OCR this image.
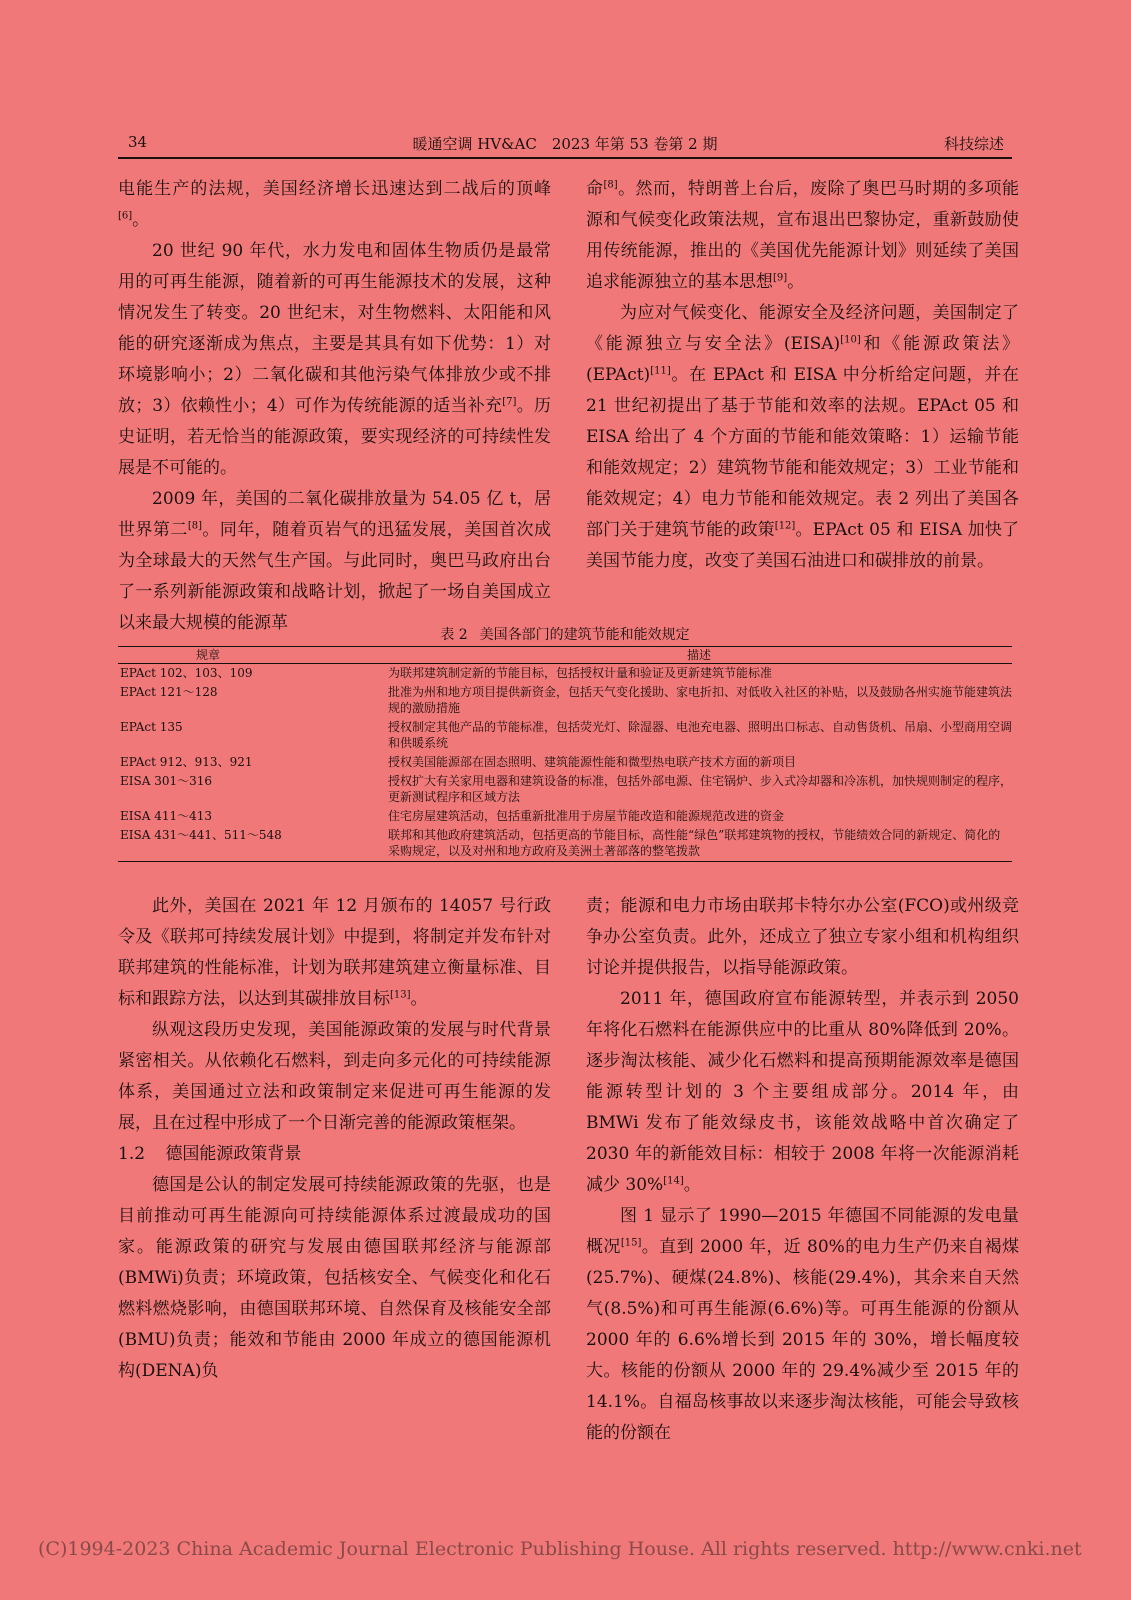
34	暖通空调 HV&AC　2023 年第 53 卷第 2 期	科技综述

电能生产的法规，美国经济增长迅速达到二战后的顶峰[6]。

20 世纪 90 年代，水力发电和固体生物质仍是最常用的可再生能源，随着新的可再生能源技术的发展，这种情况发生了转变。20 世纪末，对生物燃料、太阳能和风能的研究逐渐成为焦点，主要是其具有如下优势：1）对环境影响小；2）二氧化碳和其他污染气体排放少或不排放；3）依赖性小；4）可作为传统能源的适当补充[7]。历史证明，若无恰当的能源政策，要实现经济的可持续性发展是不可能的。

2009 年，美国的二氧化碳排放量为 54.05 亿 t，居世界第二[8]。同年，随着页岩气的迅猛发展，美国首次成为全球最大的天然气生产国。与此同时，奥巴马政府出台了一系列新能源政策和战略计划，掀起了一场自美国成立以来最大规模的能源革

命[8]。然而，特朗普上台后，废除了奥巴马时期的多项能源和气候变化政策法规，宣布退出巴黎协定，重新鼓励使用传统能源，推出的《美国优先能源计划》则延续了美国追求能源独立的基本思想[9]。

为应对气候变化、能源安全及经济问题，美国制定了《能源独立与安全法》(EISA)[10]和《能源政策法》(EPAct)[11]。在 EPAct 和 EISA 中分析给定问题，并在 21 世纪初提出了基于节能和效率的法规。EPAct 05 和 EISA 给出了 4 个方面的节能和能效策略：1）运输节能和能效规定；2）建筑物节能和能效规定；3）工业节能和能效规定；4）电力节能和能效规定。表 2 列出了美国各部门关于建筑节能的政策[12]。EPAct 05 和 EISA 加快了美国节能力度，改变了美国石油进口和碳排放的前景。

表 2 美国各部门的建筑节能和能效规定
规章	描述
EPAct 102、103、109	为联邦建筑制定新的节能目标，包括授权计量和验证及更新建筑节能标准
EPAct 121～128	批准为州和地方项目提供新资金，包括天气变化援助、家电折扣、对低收入社区的补贴，以及鼓励各州实施节能建筑法规的激励措施
EPAct 135	授权制定其他产品的节能标准，包括荧光灯、除湿器、电池充电器、照明出口标志、自动售货机、吊扇、小型商用空调和供暖系统
EPAct 912、913、921	授权美国能源部在固态照明、建筑能源性能和微型热电联产技术方面的新项目
EISA 301～316	授权扩大有关家用电器和建筑设备的标准，包括外部电源、住宅锅炉、步入式冷却器和冷冻机，加快规则制定的程序，更新测试程序和区域方法
EISA 411～413	住宅房屋建筑活动，包括重新批准用于房屋节能改造和能源规范改进的资金
EISA 431～441、511～548	联邦和其他政府建筑活动，包括更高的节能目标，高性能“绿色”联邦建筑物的授权，节能绩效合同的新规定、简化的采购规定，以及对州和地方政府及美洲土著部落的整笔拨款

此外，美国在 2021 年 12 月颁布的 14057 号行政令及《联邦可持续发展计划》中提到，将制定并发布针对联邦建筑的性能标准，计划为联邦建筑建立衡量标准、目标和跟踪方法，以达到其碳排放目标[13]。

纵观这段历史发现，美国能源政策的发展与时代背景紧密相关。从依赖化石燃料，到走向多元化的可持续能源体系，美国通过立法和政策制定来促进可再生能源的发展，且在过程中形成了一个日渐完善的能源政策框架。

1.2 德国能源政策背景

德国是公认的制定发展可持续能源政策的先驱，也是目前推动可再生能源向可持续能源体系过渡最成功的国家。能源政策的研究与发展由德国联邦经济与能源部(BMWi)负责；环境政策，包括核安全、气候变化和化石燃料燃烧影响，由德国联邦环境、自然保育及核能安全部(BMU)负责；能效和节能由 2000 年成立的德国能源机构(DENA)负

责；能源和电力市场由联邦卡特尔办公室(FCO)或州级竞争办公室负责。此外，还成立了独立专家小组和机构组织讨论并提供报告，以指导能源政策。

2011 年，德国政府宣布能源转型，并表示到 2050 年将化石燃料在能源供应中的比重从 80%降低到 20%。逐步淘汰核能、减少化石燃料和提高预期能源效率是德国能源转型计划的 3 个主要组成部分。2014 年，由 BMWi 发布了能效绿皮书，该能效战略中首次确定了 2030 年的新能效目标：相较于 2008 年将一次能源消耗减少 30%[14]。

图 1 显示了 1990—2015 年德国不同能源的发电量概况[15]。直到 2000 年，近 80%的电力生产仍来自褐煤(25.7%)、硬煤(24.8%)、核能(29.4%)，其余来自天然气(8.5%)和可再生能源(6.6%)等。可再生能源的份额从 2000 年的 6.6%增长到 2015 年的 30%，增长幅度较大。核能的份额从 2000 年的 29.4%减少至 2015 年的 14.1%。自福岛核事故以来逐步淘汰核能，可能会导致核能的份额在

(C)1994-2023 China Academic Journal Electronic Publishing House. All rights reserved. http://www.cnki.net
